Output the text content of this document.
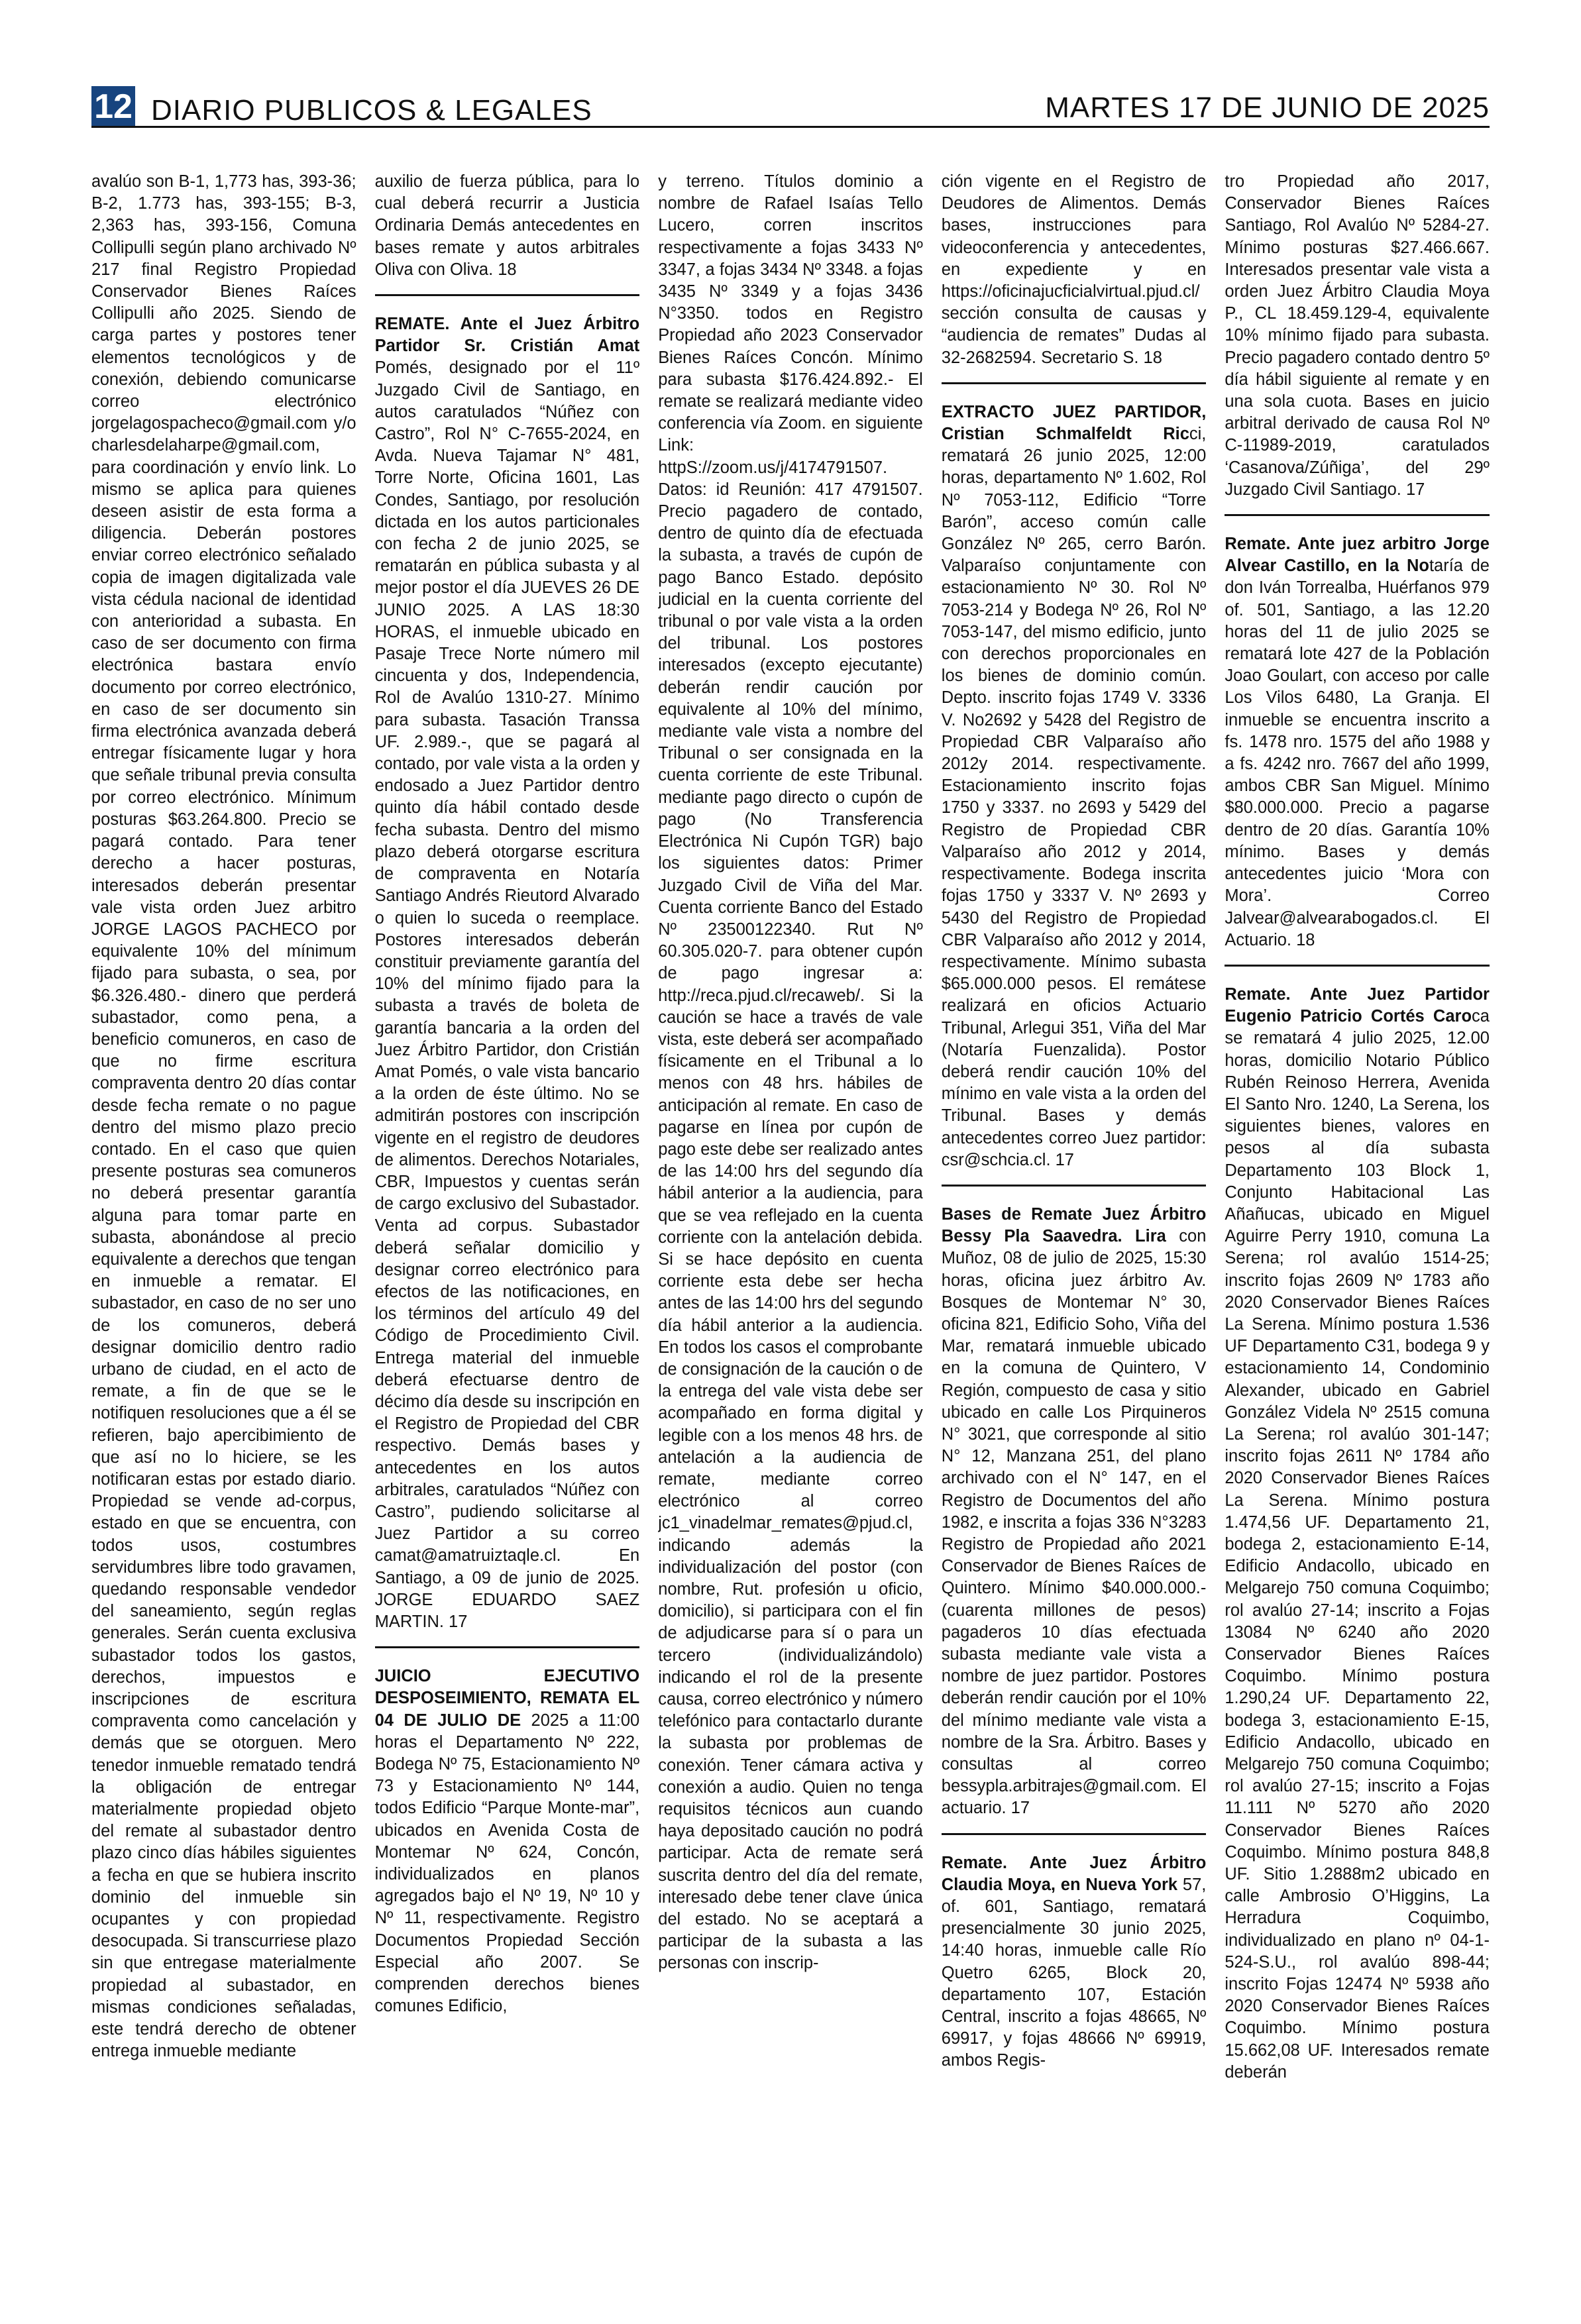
12 DIARIO PUBLICOS & LEGALES	MARTES 17 DE JUNIO DE 2025

avalúo son B-1, 1,773 has, 393-36; B-2, 1.773 has, 393-155; B-3, 2,363 has, 393-156, Comuna Collipulli según plano archivado Nº 217 final Registro Propiedad Conservador Bienes Raíces Collipulli año 2025. Siendo de carga partes y postores tener elementos tecnológicos y de conexión, debiendo comunicarse correo electrónico jorgelagospacheco@gmail.com y/o charlesdelaharpe@gmail.com, para coordinación y envío link. Lo mismo se aplica para quienes deseen asistir de esta forma a diligencia. Deberán postores enviar correo electrónico señalado copia de imagen digitalizada vale vista cédula nacional de identidad con anterioridad a subasta. En caso de ser documento con firma electrónica bastara envío documento por correo electrónico, en caso de ser documento sin firma electrónica avanzada deberá entregar físicamente lugar y hora que señale tribunal previa consulta por correo electrónico. Mínimum posturas $63.264.800. Precio se pagará contado. Para tener derecho a hacer posturas, interesados deberán presentar vale vista orden Juez arbitro JORGE LAGOS PACHECO por equivalente 10% del mínimum fijado para subasta, o sea, por $6.326.480.- dinero que perderá subastador, como pena, a beneficio comuneros, en caso de que no firme escritura compraventa dentro 20 días contar desde fecha remate o no pague dentro del mismo plazo precio contado. En el caso que quien presente posturas sea comuneros no deberá presentar garantía alguna para tomar parte en subasta, abonándose al precio equivalente a derechos que tengan en inmueble a rematar. El subastador, en caso de no ser uno de los comuneros, deberá designar domicilio dentro radio urbano de ciudad, en el acto de remate, a fin de que se le notifiquen resoluciones que a él se refieren, bajo apercibimiento de que así no lo hiciere, se les notificaran estas por estado diario. Propiedad se vende ad-corpus, estado en que se encuentra, con todos usos, costumbres servidumbres libre todo gravamen, quedando responsable vendedor del saneamiento, según reglas generales. Serán cuenta exclusiva subastador todos los gastos, derechos, impuestos e inscripciones de escritura compraventa como cancelación y demás que se otorguen. Mero tenedor inmueble rematado tendrá la obligación de entregar materialmente propiedad objeto del remate al subastador dentro plazo cinco días hábiles siguientes a fecha en que se hubiera inscrito dominio del inmueble sin ocupantes y con propiedad desocupada. Si transcurriese plazo sin que entregase materialmente propiedad al subastador, en mismas condiciones señaladas, este tendrá derecho de obtener entrega inmueble mediante

auxilio de fuerza pública, para lo cual deberá recurrir a Justicia Ordinaria Demás antecedentes en bases remate y autos arbitrales Oliva con Oliva. 18

REMATE. Ante el Juez Árbitro Partidor Sr. Cristián Amat Pomés, designado por el 11º Juzgado Civil de Santiago, en autos caratulados “Núñez con Castro”, Rol N° C-7655-2024, en Avda. Nueva Tajamar N° 481, Torre Norte, Oficina 1601, Las Condes, Santiago, por resolución dictada en los autos particionales con fecha 2 de junio 2025, se rematarán en pública subasta y al mejor postor el día JUEVES 26 DE JUNIO 2025. A LAS 18:30 HORAS, el inmueble ubicado en Pasaje Trece Norte número mil cincuenta y dos, Independencia, Rol de Avalúo 1310-27. Mínimo para subasta. Tasación Transsa UF. 2.989.-, que se pagará al contado, por vale vista a la orden y endosado a Juez Partidor dentro quinto día hábil contado desde fecha subasta. Dentro del mismo plazo deberá otorgarse escritura de compraventa en Notaría Santiago Andrés Rieutord Alvarado o quien lo suceda o reemplace. Postores interesados deberán constituir previamente garantía del 10% del mínimo fijado para la subasta a través de boleta de garantía bancaria a la orden del Juez Árbitro Partidor, don Cristián Amat Pomés, o vale vista bancario a la orden de éste último. No se admitirán postores con inscripción vigente en el registro de deudores de alimentos. Derechos Notariales, CBR, Impuestos y cuentas serán de cargo exclusivo del Subastador. Venta ad corpus. Subastador deberá señalar domicilio y designar correo electrónico para efectos de las notificaciones, en los términos del artículo 49 del Código de Procedimiento Civil. Entrega material del inmueble deberá efectuarse dentro de décimo día desde su inscripción en el Registro de Propiedad del CBR respectivo. Demás bases y antecedentes en los autos arbitrales, caratulados “Núñez con Castro”, pudiendo solicitarse al Juez Partidor a su correo camat@amatruiztaqle.cl. En Santiago, a 09 de junio de 2025. JORGE EDUARDO SAEZ MARTIN. 17

JUICIO EJECUTIVO DESPOSEIMIENTO, REMATA EL 04 DE JULIO DE 2025 a 11:00 horas el Departamento Nº 222, Bodega Nº 75, Estacionamiento Nº 73 y Estacionamiento Nº 144, todos Edificio “Parque Monte-mar”, ubicados en Avenida Costa de Montemar Nº 624, Concón, individualizados en planos agregados bajo el Nº 19, Nº 10 y Nº 11, respectivamente. Registro Documentos Propiedad Sección Especial año 2007. Se comprenden derechos bienes comunes Edificio,

y terreno. Títulos dominio a nombre de Rafael Isaías Tello Lucero, corren inscritos respectivamente a fojas 3433 Nº 3347, a fojas 3434 Nº 3348. a fojas 3435 Nº 3349 y a fojas 3436 N°3350. todos en Registro Propiedad año 2023 Conservador Bienes Raíces Concón. Mínimo para subasta $176.424.892.- El remate se realizará mediante video conferencia vía Zoom. en siguiente Link: httpS://zoom.us/j/4174791507. Datos: id Reunión: 417 4791507. Precio pagadero de contado, dentro de quinto día de efectuada la subasta, a través de cupón de pago Banco Estado. depósito judicial en la cuenta corriente del tribunal o por vale vista a la orden del tribunal. Los postores interesados (excepto ejecutante) deberán rendir caución por equivalente al 10% del mínimo, mediante vale vista a nombre del Tribunal o ser consignada en la cuenta corriente de este Tribunal. mediante pago directo o cupón de pago (No Transferencia Electrónica Ni Cupón TGR) bajo los siguientes datos: Primer Juzgado Civil de Viña del Mar. Cuenta corriente Banco del Estado Nº 23500122340. Rut Nº 60.305.020-7. para obtener cupón de pago ingresar a: http://reca.pjud.cl/recaweb/. Si la caución se hace a través de vale vista, este deberá ser acompañado físicamente en el Tribunal a lo menos con 48 hrs. hábiles de anticipación al remate. En caso de pagarse en línea por cupón de pago este debe ser realizado antes de las 14:00 hrs del segundo día hábil anterior a la audiencia, para que se vea reflejado en la cuenta corriente con la antelación debida. Si se hace depósito en cuenta corriente esta debe ser hecha antes de las 14:00 hrs del segundo día hábil anterior a la audiencia. En todos los casos el comprobante de consignación de la caución o de la entrega del vale vista debe ser acompañado en forma digital y legible con a los menos 48 hrs. de antelación a la audiencia de remate, mediante correo electrónico al correo jc1_vinadelmar_remates@pjud.cl, indicando además la individualización del postor (con nombre, Rut. profesión u oficio, domicilio), si participara con el fin de adjudicarse para sí o para un tercero (individualizándolo) indicando el rol de la presente causa, correo electrónico y número telefónico para contactarlo durante la subasta por problemas de conexión. Tener cámara activa y conexión a audio. Quien no tenga requisitos técnicos aun cuando haya depositado caución no podrá participar. Acta de remate será suscrita dentro del día del remate, interesado debe tener clave única del estado. No se aceptará a participar de la subasta a las personas con inscrip-

ción vigente en el Registro de Deudores de Alimentos. Demás bases, instrucciones para videoconferencia y antecedentes, en expediente y en https://oficinajucficialvirtual.pjud.cl/ sección consulta de causas y “audiencia de remates” Dudas al 32-2682594. Secretario S. 18

EXTRACTO JUEZ PARTIDOR, Cristian Schmalfeldt Ricci, rematará 26 junio 2025, 12:00 horas, departamento Nº 1.602, Rol Nº 7053-112, Edificio “Torre Barón”, acceso común calle González Nº 265, cerro Barón. Valparaíso conjuntamente con estacionamiento Nº 30. Rol Nº 7053-214 y Bodega Nº 26, Rol Nº 7053-147, del mismo edificio, junto con derechos proporcionales en los bienes de dominio común. Depto. inscrito fojas 1749 V. 3336 V. No2692 y 5428 del Registro de Propiedad CBR Valparaíso año 2012y 2014. respectivamente. Estacionamiento inscrito fojas 1750 y 3337. no 2693 y 5429 del Registro de Propiedad CBR Valparaíso año 2012 y 2014, respectivamente. Bodega inscrita fojas 1750 y 3337 V. Nº 2693 y 5430 del Registro de Propiedad CBR Valparaíso año 2012 y 2014, respectivamente. Mínimo subasta $65.000.000 pesos. El remátese realizará en oficios Actuario Tribunal, Arlegui 351, Viña del Mar (Notaría Fuenzalida). Postor deberá rendir caución 10% del mínimo en vale vista a la orden del Tribunal. Bases y demás antecedentes correo Juez partidor: csr@schcia.cl. 17

Bases de Remate Juez Árbitro Bessy Pla Saavedra. Lira con Muñoz, 08 de julio de 2025, 15:30 horas, oficina juez árbitro Av. Bosques de Montemar N° 30, oficina 821, Edificio Soho, Viña del Mar, rematará inmueble ubicado en la comuna de Quintero, V Región, compuesto de casa y sitio ubicado en calle Los Pirquineros N° 3021, que corresponde al sitio N° 12, Manzana 251, del plano archivado con el N° 147, en el Registro de Documentos del año 1982, e inscrita a fojas 336 N°3283 Registro de Propiedad año 2021 Conservador de Bienes Raíces de Quintero. Mínimo $40.000.000.- (cuarenta millones de pesos) pagaderos 10 días efectuada subasta mediante vale vista a nombre de juez partidor. Postores deberán rendir caución por el 10% del mínimo mediante vale vista a nombre de la Sra. Árbitro. Bases y consultas al correo bessypla.arbitrajes@gmail.com. El actuario. 17

Remate. Ante Juez Árbitro Claudia Moya, en Nueva York 57, of. 601, Santiago, rematará presencialmente 30 junio 2025, 14:40 horas, inmueble calle Río Quetro 6265, Block 20, departamento 107, Estación Central, inscrito a fojas 48665, Nº 69917, y fojas 48666 Nº 69919, ambos Regis-

tro Propiedad año 2017, Conservador Bienes Raíces Santiago, Rol Avalúo Nº 5284-27. Mínimo posturas $27.466.667. Interesados presentar vale vista a orden Juez Árbitro Claudia Moya P., CL 18.459.129-4, equivalente 10% mínimo fijado para subasta. Precio pagadero contado dentro 5º día hábil siguiente al remate y en una sola cuota. Bases en juicio arbitral derivado de causa Rol Nº C-11989-2019, caratulados ‘Casanova/Zúñiga’, del 29º Juzgado Civil Santiago. 17

Remate. Ante juez arbitro Jorge Alvear Castillo, en la Notaría de don Iván Torrealba, Huérfanos 979 of. 501, Santiago, a las 12.20 horas del 11 de julio 2025 se rematará lote 427 de la Población Joao Goulart, con acceso por calle Los Vilos 6480, La Granja. El inmueble se encuentra inscrito a fs. 1478 nro. 1575 del año 1988 y a fs. 4242 nro. 7667 del año 1999, ambos CBR San Miguel. Mínimo $80.000.000. Precio a pagarse dentro de 20 días. Garantía 10% mínimo. Bases y demás antecedentes juicio ‘Mora con Mora’. Correo Jalvear@alvearabogados.cl. El Actuario. 18

Remate. Ante Juez Partidor Eugenio Patricio Cortés Caroca se rematará 4 julio 2025, 12.00 horas, domicilio Notario Público Rubén Reinoso Herrera, Avenida El Santo Nro. 1240, La Serena, los siguientes bienes, valores en pesos al día subasta Departamento 103 Block 1, Conjunto Habitacional Las Añañucas, ubicado en Miguel Aguirre Perry 1910, comuna La Serena; rol avalúo 1514-25; inscrito fojas 2609 Nº 1783 año 2020 Conservador Bienes Raíces La Serena. Mínimo postura 1.536 UF Departamento C31, bodega 9 y estacionamiento 14, Condominio Alexander, ubicado en Gabriel González Videla Nº 2515 comuna La Serena; rol avalúo 301-147; inscrito fojas 2611 Nº 1784 año 2020 Conservador Bienes Raíces La Serena. Mínimo postura 1.474,56 UF. Departamento 21, bodega 2, estacionamiento E-14, Edificio Andacollo, ubicado en Melgarejo 750 comuna Coquimbo; rol avalúo 27-14; inscrito a Fojas 13084 Nº 6240 año 2020 Conservador Bienes Raíces Coquimbo. Mínimo postura 1.290,24 UF. Departamento 22, bodega 3, estacionamiento E-15, Edificio Andacollo, ubicado en Melgarejo 750 comuna Coquimbo; rol avalúo 27-15; inscrito a Fojas 11.111 Nº 5270 año 2020 Conservador Bienes Raíces Coquimbo. Mínimo postura 848,8 UF. Sitio 1.2888m2 ubicado en calle Ambrosio O’Higgins, La Herradura Coquimbo, individualizado en plano nº 04-1-524-S.U., rol avalúo 898-44; inscrito Fojas 12474 Nº 5938 año 2020 Conservador Bienes Raíces Coquimbo. Mínimo postura 15.662,08 UF. Interesados remate deberán
